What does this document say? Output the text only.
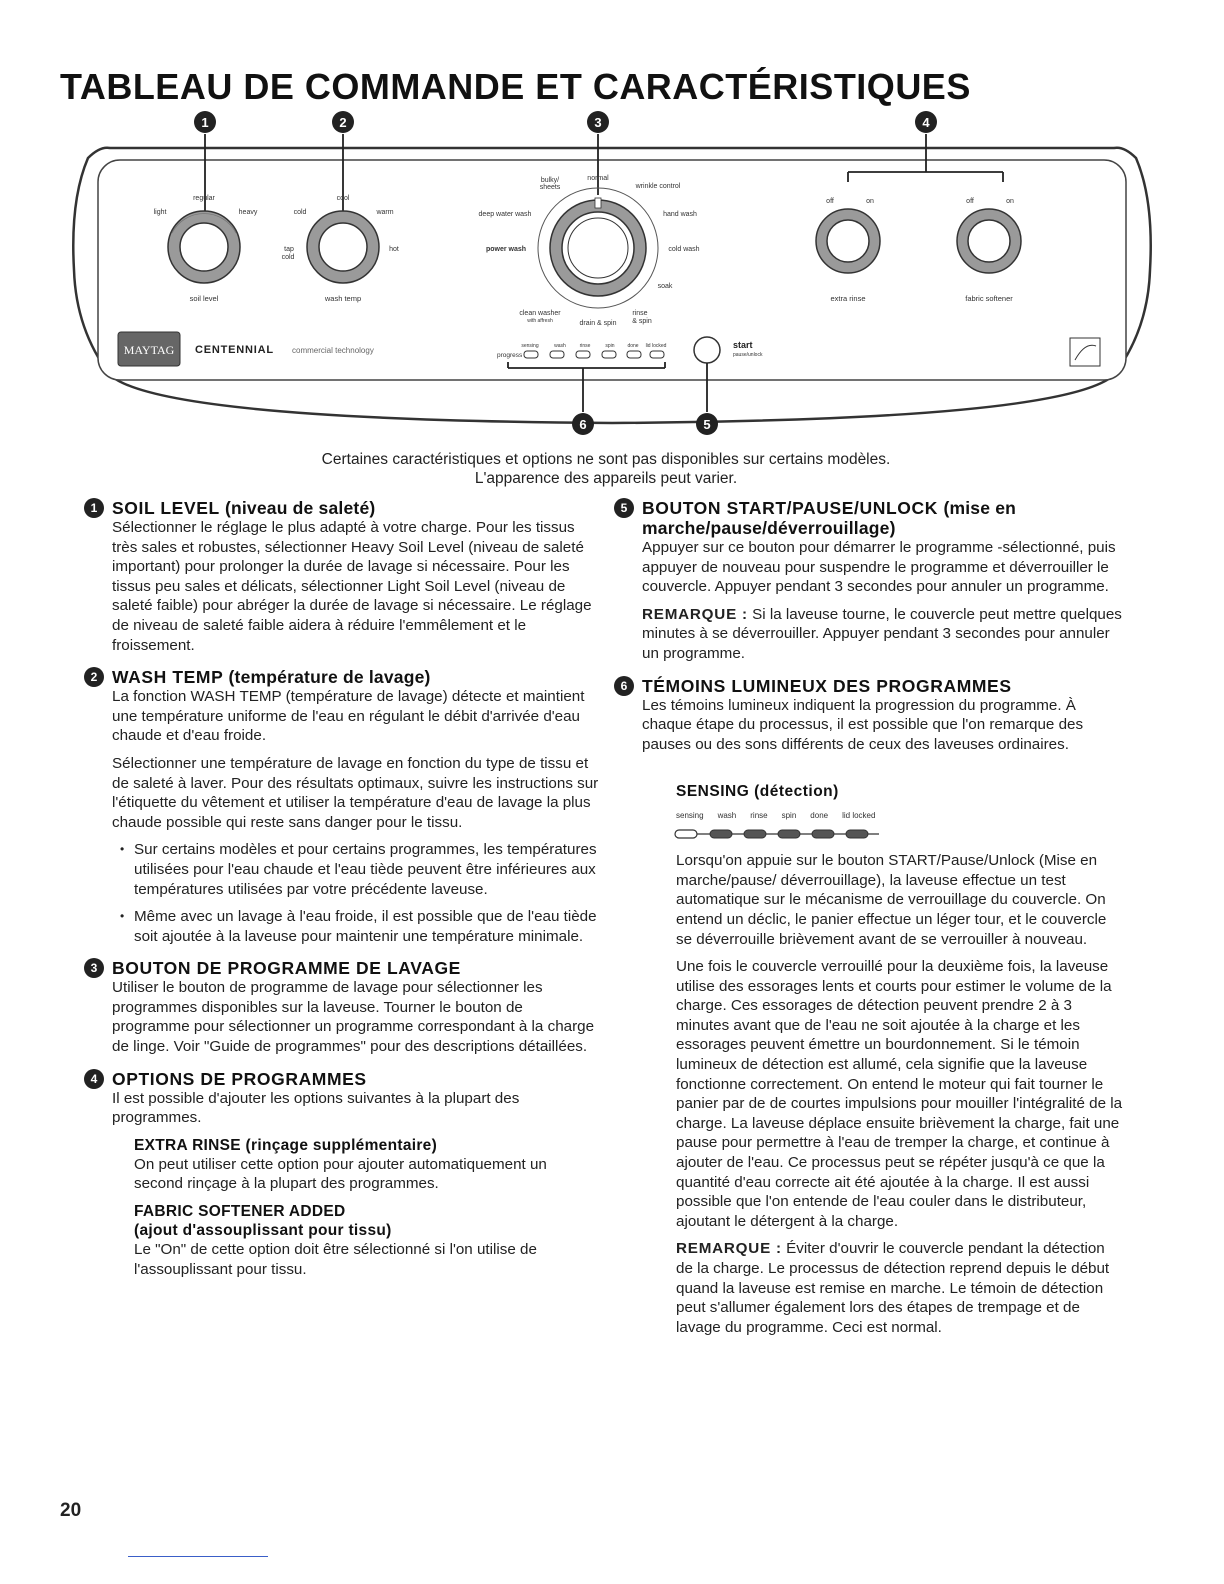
TABLEAU DE COMMANDE ET CARACTÉRISTIQUES
1	2	3	4
regular
light	heavy
soil level
cool
cold	warm
tap
cold
hot
wash temp
bulky/
sheets
normal
wrinkle control
deep water wash
power wash
hand wash
cold wash
soak
clean washer
with affresh	drain & spin
rinse
& spin
off	on
extra rinse
off	on
fabric softener
MAYTAG CENTENNIAL commercial technology
progress
sensing	wash	rinse	spin	done lid locked
6
start
pause/unlock
5
Certaines caractéristiques et options ne sont pas disponibles sur certains modèles.
L'apparence des appareils peut varier.
1 SOIL LEVEL (niveau de saleté)

Sélectionner le réglage le plus adapté à votre charge. Pour les tissus très sales et robustes, sélectionner Heavy Soil Level (niveau de saleté important) pour prolonger la durée de lavage si nécessaire. Pour les tissus peu sales et délicats, sélectionner Light Soil Level (niveau de saleté faible) pour abréger la durée de lavage si nécessaire. Le réglage de niveau de saleté faible aidera à réduire l'emmêlement et le froissement.

2 WASH TEMP (température de lavage)

La fonction WASH TEMP (température de lavage) détecte et maintient une température uniforme de l'eau en régulant le débit d'arrivée d'eau chaude et d'eau froide.

Sélectionner une température de lavage en fonction du type de tissu et de saleté à laver. Pour des résultats optimaux, suivre les instructions sur l'étiquette du vêtement et utiliser la température d'eau de lavage la plus chaude possible qui reste sans danger pour le tissu.

• Sur certains modèles et pour certains programmes, les températures utilisées pour l'eau chaude et l'eau tiède peuvent être inférieures aux températures utilisées par votre précédente laveuse.
• Même avec un lavage à l'eau froide, il est possible que de l'eau tiède soit ajoutée à la laveuse pour maintenir une température minimale.
3 BOUTON DE PROGRAMME DE LAVAGE

Utiliser le bouton de programme de lavage pour sélectionner les programmes disponibles sur la laveuse. Tourner le bouton de programme pour sélectionner un programme correspondant à la charge de linge. Voir "Guide de programmes" pour des descriptions détaillées.

4 OPTIONS DE PROGRAMMES

Il est possible d'ajouter les options suivantes à la plupart des programmes.

EXTRA RINSE (rinçage supplémentaire)

On peut utiliser cette option pour ajouter automatiquement un second rinçage à la plupart des programmes.

FABRIC SOFTENER ADDED
(ajout d'assouplissant pour tissu)

Le "On" de cette option doit être sélectionné si l'on utilise de l'assouplissant pour tissu.

5 BOUTON START/PAUSE/UNLOCK (mise en marche/pause/déverrouillage)

Appuyer sur ce bouton pour démarrer le programme -sélectionné, puis appuyer de nouveau pour suspendre le programme et déverrouiller le couvercle. Appuyer pendant 3 secondes pour annuler un programme.

REMARQUE : Si la laveuse tourne, le couvercle peut mettre quelques minutes à se déverrouiller. Appuyer pendant 3 secondes pour annuler un programme.

6 TÉMOINS LUMINEUX DES PROGRAMMES

Les témoins lumineux indiquent la progression du programme. À chaque étape du processus, il est possible que l'on remarque des pauses ou des sons différents de ceux des laveuses ordinaires.

SENSING (détection)
sensing wash rinse spin done lid locked

Lorsqu'on appuie sur le bouton START/Pause/Unlock (Mise en marche/pause/ déverrouillage), la laveuse effectue un test automatique sur le mécanisme de verrouillage du couvercle. On entend un déclic, le panier effectue un léger tour, et le couvercle se déverrouille brièvement avant de se verrouiller à nouveau.

Une fois le couvercle verrouillé pour la deuxième fois, la laveuse utilise des essorages lents et courts pour estimer le volume de la charge. Ces essorages de détection peuvent prendre 2 à 3 minutes avant que de l'eau ne soit ajoutée à la charge et les essorages peuvent émettre un bourdonnement. Si le témoin lumineux de détection est allumé, cela signifie que la laveuse fonctionne correctement. On entend le moteur qui fait tourner le panier par de de courtes impulsions pour mouiller l'intégralité de la charge. La laveuse déplace ensuite brièvement la charge, fait une pause pour permettre à l'eau de tremper la charge, et continue à ajouter de l'eau. Ce processus peut se répéter jusqu'à ce que la quantité d'eau correcte ait été ajoutée à la charge. Il est aussi possible que l'on entende de l'eau couler dans le distributeur, ajoutant le détergent à la charge.

REMARQUE : Éviter d'ouvrir le couvercle pendant la détection de la charge. Le processus de détection reprend depuis le début quand la laveuse est remise en marche. Le témoin de détection peut s'allumer également lors des étapes de trempage et de lavage du programme. Ceci est normal.

20
